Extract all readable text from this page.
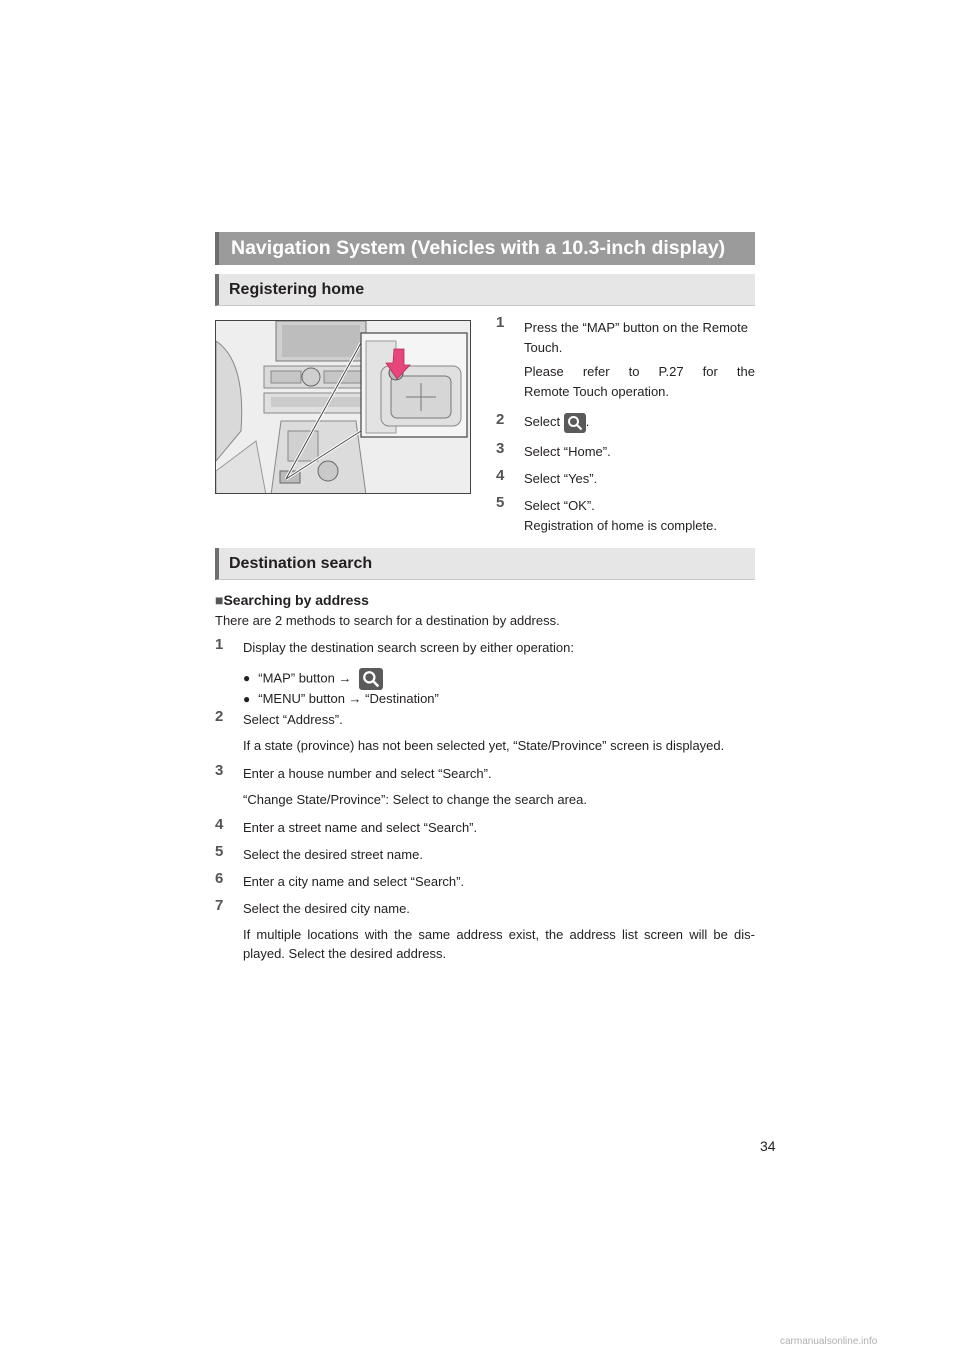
Navigation System (Vehicles with a 10.3-inch display)
Registering home
1 Press the “MAP” button on the Remote
Touch.
Please refer to P.27 for the
Remote Touch operation.
2 Select .
3 Select “Home”.
4 Select “Yes”.
5 Select “OK”.
Registration of home is complete.
Destination search
■Searching by address
There are 2 methods to search for a destination by address.
1 Display the destination search screen by either operation:
● “MAP” button →
● “MENU” button → “Destination”
2 Select “Address”.
If a state (province) has not been selected yet, “State/Province” screen is displayed.
3 Enter a house number and select “Search”.
“Change State/Province”: Select to change the search area.
4 Enter a street name and select “Search”.
5 Select the desired street name.
6 Enter a city name and select “Search”.
7 Select the desired city name.
If multiple locations with the same address exist, the address list screen will be dis-
played. Select the desired address.
34
carmanualsonline.info
